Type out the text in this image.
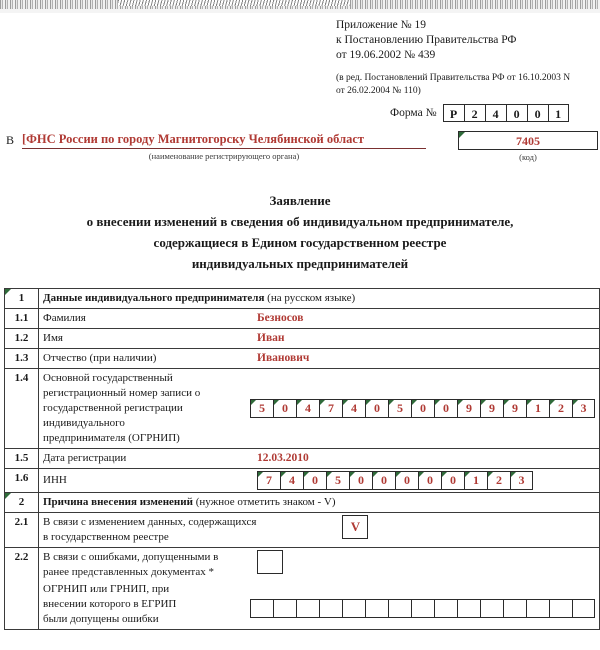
Приложение № 19
к Постановлению Правительства РФ
от 19.06.2002 № 439
(в ред. Постановлений Правительства РФ от 16.10.2003 N
от 26.02.2004 № 110)
Форма №	Р	2	4	0	0	1
В [ФНС России по городу Магнитогорску Челябинской област
(наименование регистрирующего органа)
7405
(код)
Заявление
о внесении изменений в сведения об индивидуальном предпринимателе,
содержащиеся в Едином государственном реестре
индивидуальных предпринимателей
1	Данные индивидуального предпринимателя (на русском языке)
1.1	Фамилия Безносов

1.2	Имя Иван

1.3	Отчество (при наличии) Иванович

1.4	Основной государственный
регистрационный номер записи о
государственной регистрации
индивидуального
предпринимателя (ОГРНИП)
5	0	4	7	4	0	5	0	0	9	9	9	1	2	3

1.5	Дата регистрации 12.03.2010

1.6	ИНН	7	4	0	5	0	0	0	0	0	1	2	3

2	Причина внесения изменений (нужное отметить знаком - V)
2.1	В связи с изменением данных, содержащихся
в государственном реестре
V

2.2	В связи с ошибками, допущенными в
ранее представленных документах *
ОГРНИП или ГРНИП, при
внесении которого в ЕГРИП
были допущены ошибки
